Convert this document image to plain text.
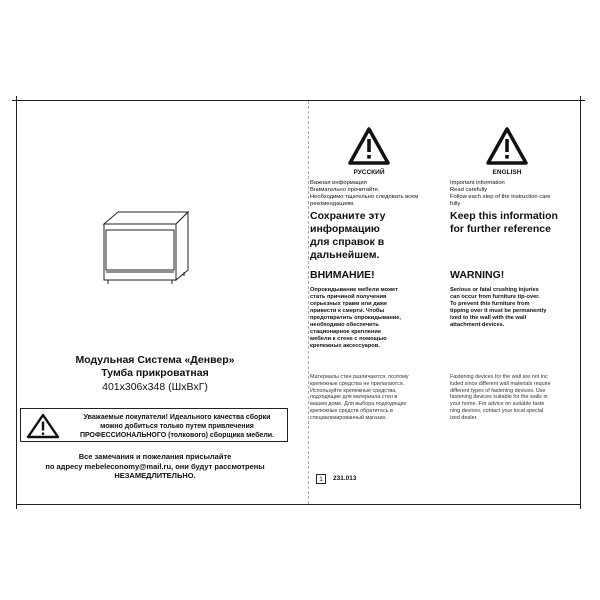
Модульная Система «Денвер»
Тумба прикроватная
401x306x348 (ШxВxГ)
Уважаемые покупатели! Идеального качества сборки
можно добиться только путем привлечения
ПРОФЕССИОНАЛЬНОГО (толкового) сборщика мебели.
Все замечания и пожелания присылайте
по адресу mebeleconomy@mail.ru, они будут рассмотрены
НЕЗАМЕДЛИТЕЛЬНО.
РУССКИЙ
Важная информация
Внимательно прочитайте.
Необходимо тщательно следовать всем
рекомендациям.
Сохраните эту
информацию
для справок в
дальнейшем.
ВНИМАНИЕ!
Опрокидывание мебели может
стать причиной получения
серьезных травм или даже
привести к смерти. Чтобы
предотвратить опрокидывание,
необходимо обеспечить
стационарное крепление
мебели к стене с помощью
крепежных аксессуаров.
Материалы стен различаются, поэтому
крепежные средства не прилагаются.
Используйте крепежные средства,
подходящие для материала стен в
вашем доме. Для выбора подходящих
крепежных средств обратитесь в
специализированный магазин.
ENGLISH
Important information
Read carefully
Follow each step of the instruction care
fully
Keep this information
for further reference
WARNING!
Serious or fatal crushing injuries
can occur from furniture tip-over.
To prevent this furniture from
tipping over it must be permanently
ixed to the wall with the wall
attachment devices.
Fastening devices for the wall are not inc
luded since different wall materials require
different types of fastening devices. Use
fastening devices suitable for the walls in
your home. For advice on suitable faste
ning devices, contact your local special
ized dealer.
1	231.013
